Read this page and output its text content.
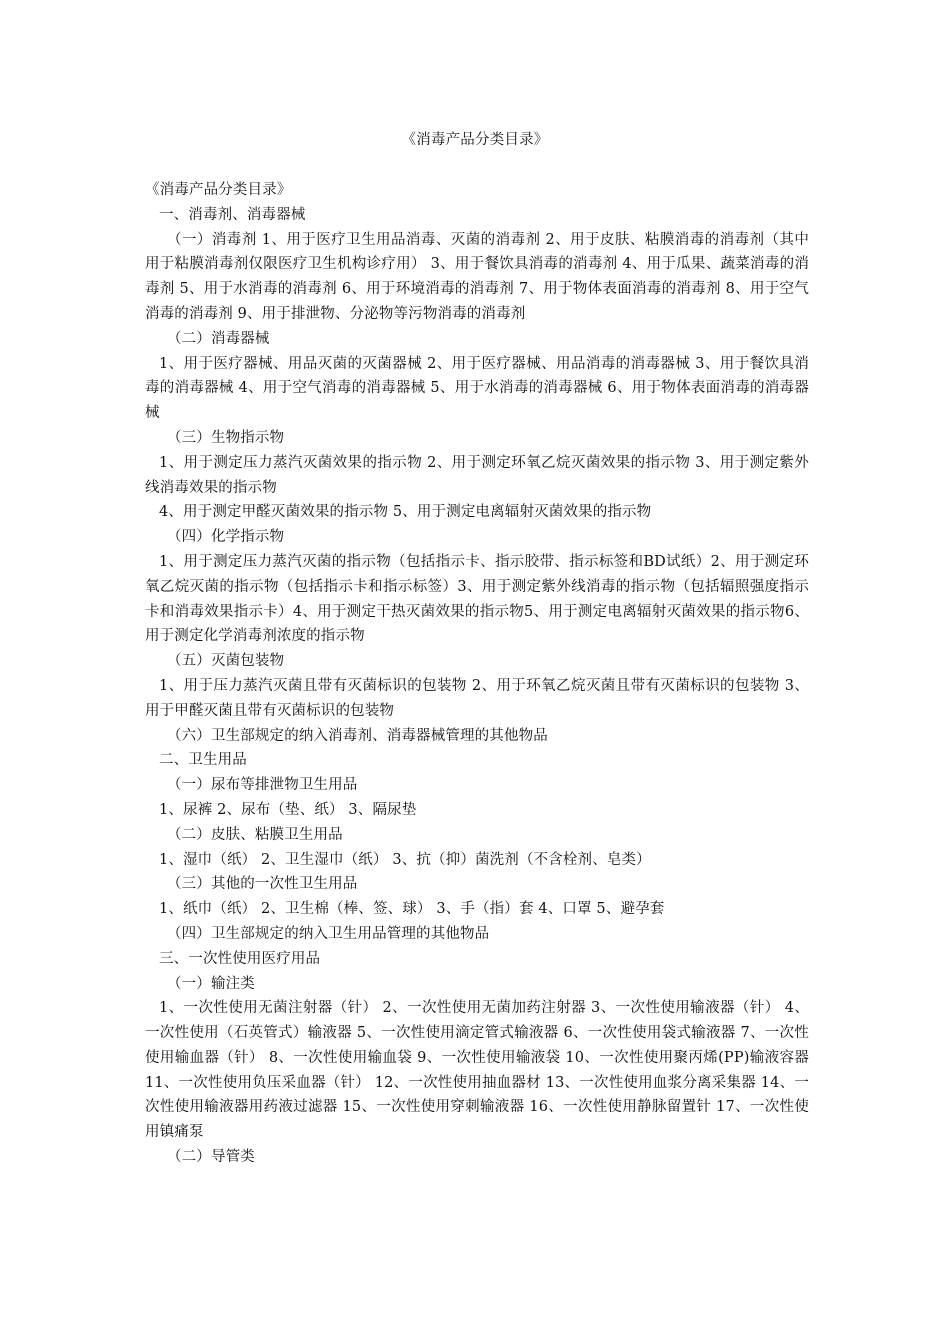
《消毒产品分类目录》

《消毒产品分类目录》

一、消毒剂、消毒器械

（一）消毒剂 1、用于医疗卫生用品消毒、灭菌的消毒剂 2、用于皮肤、粘膜消毒的消毒剂（其中用于粘膜消毒剂仅限医疗卫生机构诊疗用） 3、用于餐饮具消毒的消毒剂 4、用于瓜果、蔬菜消毒的消毒剂 5、用于水消毒的消毒剂 6、用于环境消毒的消毒剂 7、用于物体表面消毒的消毒剂 8、用于空气消毒的消毒剂 9、用于排泄物、分泌物等污物消毒的消毒剂

（二）消毒器械

1、用于医疗器械、用品灭菌的灭菌器械 2、用于医疗器械、用品消毒的消毒器械 3、用于餐饮具消毒的消毒器械 4、用于空气消毒的消毒器械 5、用于水消毒的消毒器械 6、用于物体表面消毒的消毒器械

（三）生物指示物

1、用于测定压力蒸汽灭菌效果的指示物 2、用于测定环氧乙烷灭菌效果的指示物 3、用于测定紫外线消毒效果的指示物

4、用于测定甲醛灭菌效果的指示物 5、用于测定电离辐射灭菌效果的指示物

（四）化学指示物

1、用于测定压力蒸汽灭菌的指示物（包括指示卡、指示胶带、指示标签和BD试纸）2、用于测定环氧乙烷灭菌的指示物（包括指示卡和指示标签）3、用于测定紫外线消毒的指示物（包括辐照强度指示卡和消毒效果指示卡）4、用于测定干热灭菌效果的指示物5、用于测定电离辐射灭菌效果的指示物6、用于测定化学消毒剂浓度的指示物

（五）灭菌包装物

1、用于压力蒸汽灭菌且带有灭菌标识的包装物 2、用于环氧乙烷灭菌且带有灭菌标识的包装物 3、用于甲醛灭菌且带有灭菌标识的包装物

（六）卫生部规定的纳入消毒剂、消毒器械管理的其他物品

二、卫生用品

（一）尿布等排泄物卫生用品

1、尿裤 2、尿布（垫、纸） 3、隔尿垫

（二）皮肤、粘膜卫生用品

1、湿巾（纸） 2、卫生湿巾（纸） 3、抗（抑）菌洗剂（不含栓剂、皂类）

（三）其他的一次性卫生用品

1、纸巾（纸） 2、卫生棉（棒、签、球） 3、手（指）套 4、口罩 5、避孕套

（四）卫生部规定的纳入卫生用品管理的其他物品

三、一次性使用医疗用品

（一）输注类

1、一次性使用无菌注射器（针） 2、一次性使用无菌加药注射器 3、一次性使用输液器（针） 4、一次性使用（石英管式）输液器 5、一次性使用滴定管式输液器 6、一次性使用袋式输液器 7、一次性使用输血器（针） 8、一次性使用输血袋 9、一次性使用输液袋 10、一次性使用聚丙烯(PP)输液容器 11、一次性使用负压采血器（针） 12、一次性使用抽血器材 13、一次性使用血浆分离采集器 14、一次性使用输液器用药液过滤器 15、一次性使用穿刺输液器 16、一次性使用静脉留置针 17、一次性使用镇痛泵

（二）导管类
